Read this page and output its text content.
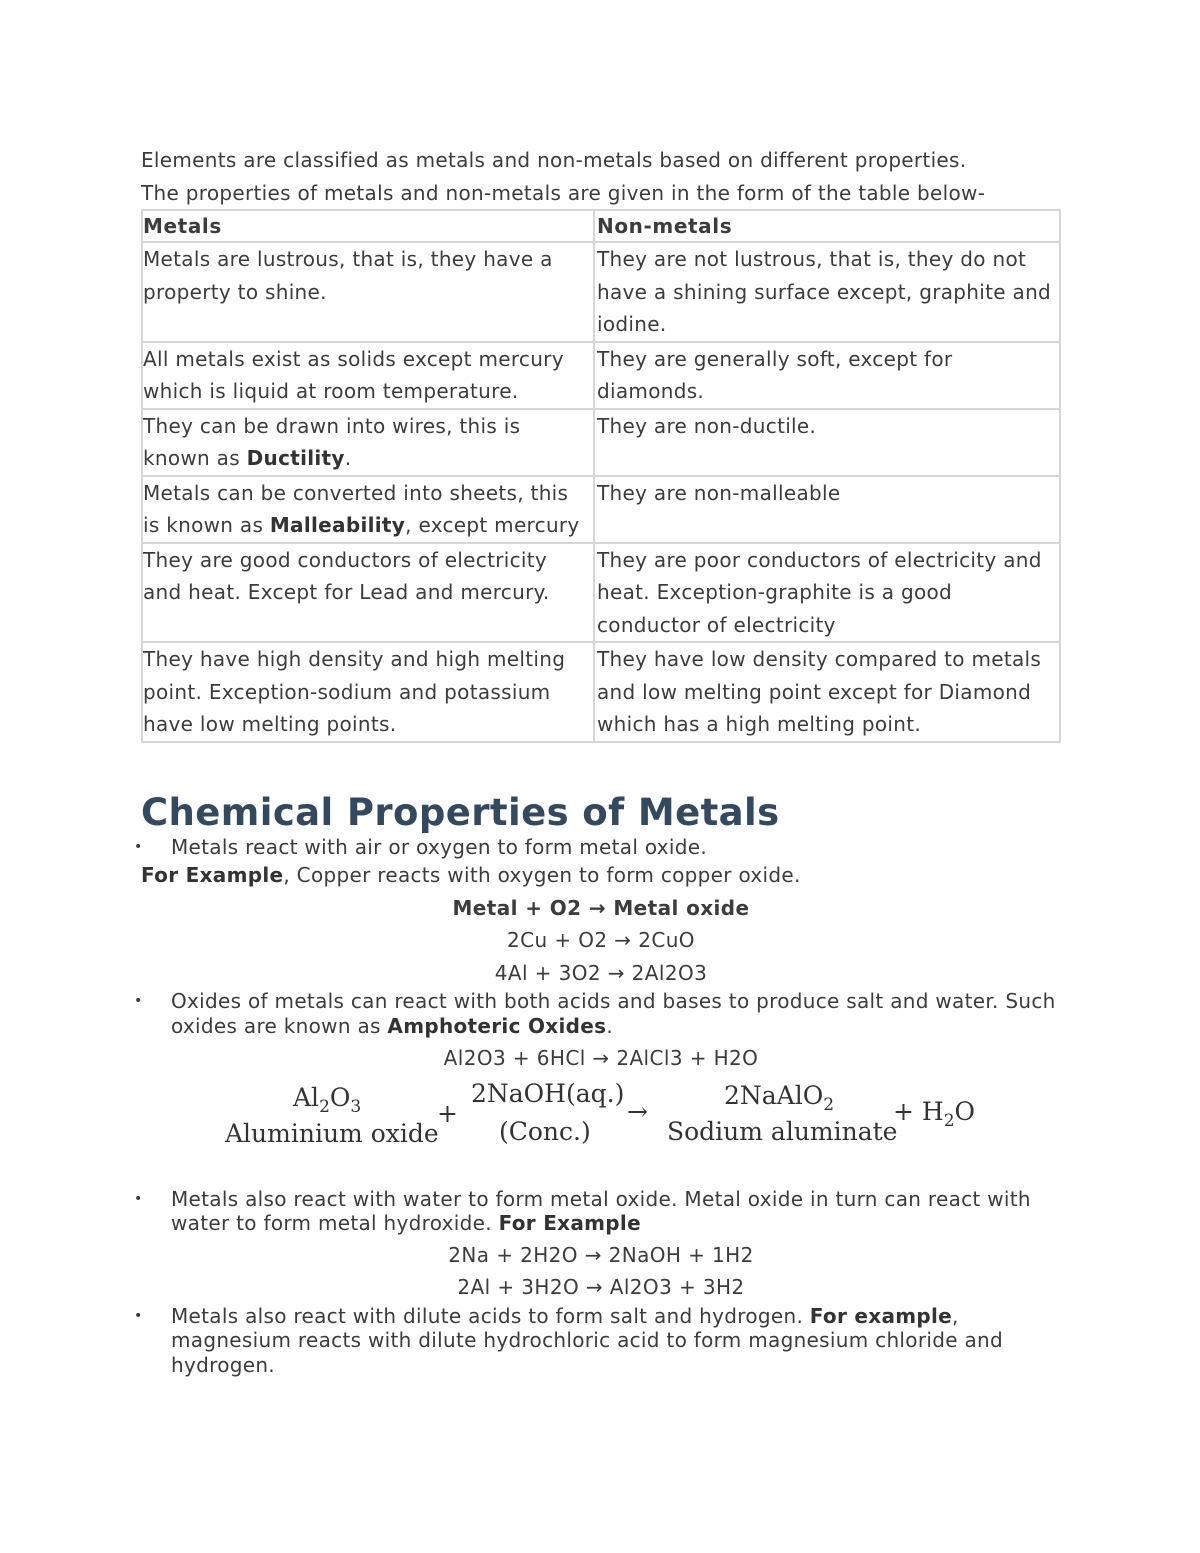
Elements are classified as metals and non-metals based on different properties.

The properties of metals and non-metals are given in the form of the table below-

Metals	Non-metals
Metals are lustrous, that is, they have a property to shine.	They are not lustrous, that is, they do not have a shining surface except, graphite and iodine.
All metals exist as solids except mercury which is liquid at room temperature.	They are generally soft, except for diamonds.
They can be drawn into wires, this is known as Ductility.	They are non-ductile.
Metals can be converted into sheets, this is known as Malleability, except mercury	They are non-malleable
They are good conductors of electricity and heat. Except for Lead and mercury.	They are poor conductors of electricity and heat. Exception-graphite is a good conductor of electricity
They have high density and high melting point. Exception-sodium and potassium have low melting points.	They have low density compared to metals and low melting point except for Diamond which has a high melting point.
Chemical Properties of Metals
• Metals react with air or oxygen to form metal oxide.

For Example, Copper reacts with oxygen to form copper oxide.

Metal + O2 → Metal oxide

2Cu + O2 → 2CuO

4Al + 3O2 → 2Al2O3

• Oxides of metals can react with both acids and bases to produce salt and water. Such oxides are known as Amphoteric Oxides.

Al2O3 + 6HCl → 2AlCl3 + H2O

$Al_2O_3$
Aluminium oxide
+
2NaOH(aq.)
(Conc.)
→
2NaAlO$_2$
Sodium aluminate
+ $H_2O$
• Metals also react with water to form metal oxide. Metal oxide in turn can react with water to form metal hydroxide. For Example

2Na + 2H2O → 2NaOH + 1H2

2Al + 3H2O → Al2O3 + 3H2

• Metals also react with dilute acids to form salt and hydrogen. For example, magnesium reacts with dilute hydrochloric acid to form magnesium chloride and hydrogen.
